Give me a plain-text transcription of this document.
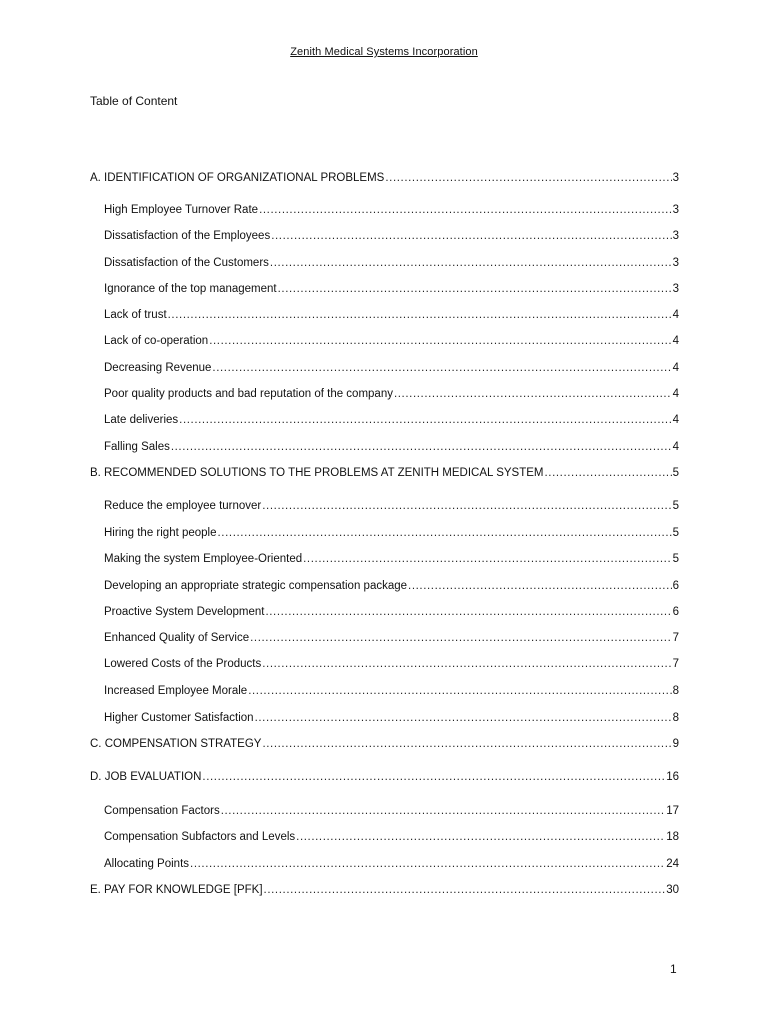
Zenith Medical Systems Incorporation
Table of Content
A. IDENTIFICATION OF ORGANIZATIONAL PROBLEMS .....	3
High Employee Turnover Rate .....	3
Dissatisfaction of the Employees .....	3
Dissatisfaction of the Customers .....	3
Ignorance of the top management .....	3
Lack of trust .....	4
Lack of co-operation .....	4
Decreasing Revenue .....	4
Poor quality products and bad reputation of the company .....	4
Late deliveries .....	4
Falling Sales .....	4
B. RECOMMENDED SOLUTIONS TO THE PROBLEMS AT ZENITH MEDICAL SYSTEM .....	5
Reduce the employee turnover .....	5
Hiring the right people .....	5
Making the system Employee-Oriented .....	5
Developing an appropriate strategic compensation package .....	6
Proactive System Development .....	6
Enhanced Quality of Service .....	7
Lowered Costs of the Products .....	7
Increased Employee Morale .....	8
Higher Customer Satisfaction .....	8
C. COMPENSATION STRATEGY .....	9
D. JOB EVALUATION .....	16
Compensation Factors .....	17
Compensation Subfactors and Levels .....	18
Allocating Points .....	24
E. PAY FOR KNOWLEDGE [PFK] .....	30
1
